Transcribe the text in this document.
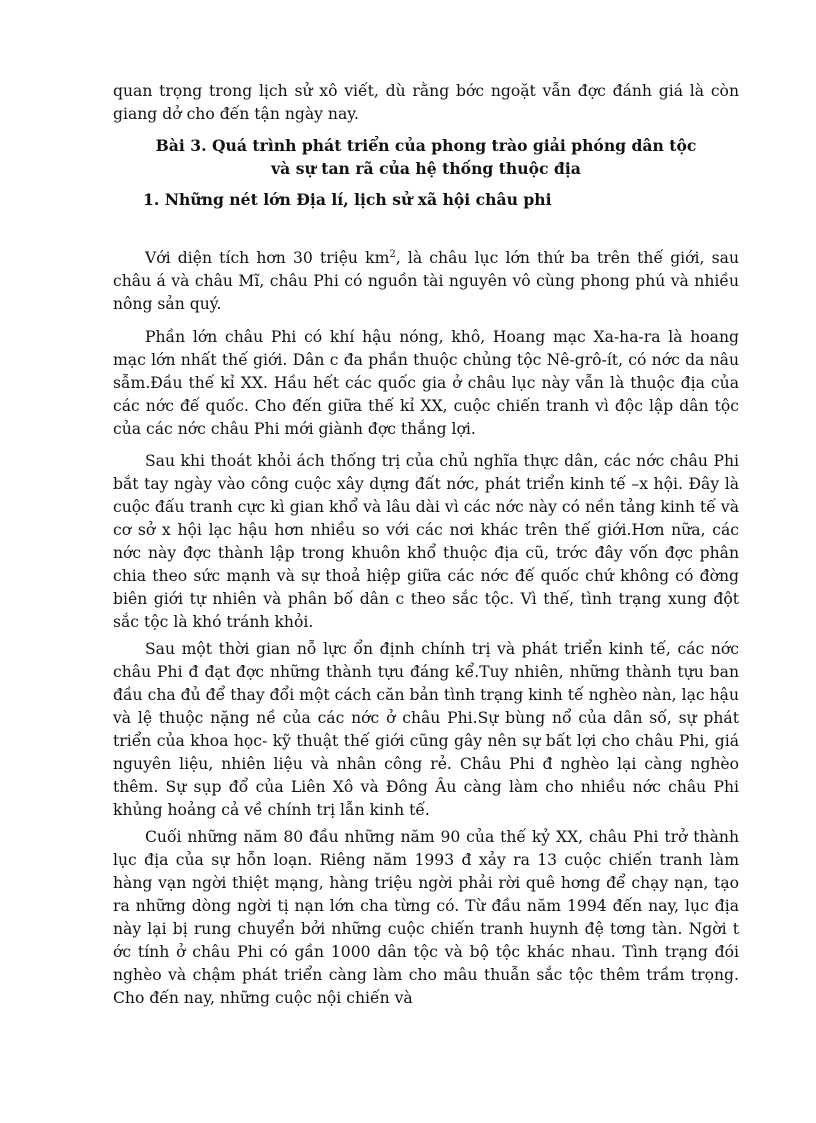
quan trọng trong lịch sử xô viết, dù rằng bớc ngoặt vẫn đợc đánh giá là còn giang dở cho đến tận ngày nay.

Bài 3. Quá trình phát triển của phong trào giải phóng dân tộc
và sự tan rã của hệ thống thuộc địa
1. Những nét lớn Địa lí, lịch sử xã hội châu phi

Với diện tích hơn 30 triệu $km^2$, là châu lục lớn thứ ba trên thế giới, sau châu á và châu Mĩ, châu Phi có nguồn tài nguyên vô cùng phong phú và nhiều nông sản quý.

Phần lớn châu Phi có khí hậu nóng, khô, Hoang mạc Xa-ha-ra là hoang mạc lớn nhất thế giới. Dân c đa phần thuộc chủng tộc Nê-grô-ít, có nớc da nâu sẫm.Đầu thế kỉ XX. Hầu hết các quốc gia ở châu lục này vẫn là thuộc địa của các nớc đế quốc. Cho đến giữa thế kỉ XX, cuộc chiến tranh vì độc lập dân tộc của các nớc châu Phi mới giành đợc thắng lợi.

Sau khi thoát khỏi ách thống trị của chủ nghĩa thực dân, các nớc châu Phi bắt tay ngày vào công cuộc xây dựng đất nớc, phát triển kinh tế –x hội. Đây là cuộc đấu tranh cực kì gian khổ và lâu dài vì các nớc này có nền tảng kinh tế và cơ sở x hội lạc hậu hơn nhiều so với các nơi khác trên thế giới.Hơn nữa, các nớc này đợc thành lập trong khuôn khổ thuộc địa cũ, trớc đây vốn đợc phân chia theo sức mạnh và sự thoả hiệp giữa các nớc đế quốc chứ không có đờng biên giới tự nhiên và phân bố dân c theo sắc tộc. Vì thế, tình trạng xung đột sắc tộc là khó tránh khỏi.

Sau một thời gian nỗ lực ổn định chính trị và phát triển kinh tế, các nớc châu Phi đ đạt đợc những thành tựu đáng kể.Tuy nhiên, những thành tựu ban đầu cha đủ để thay đổi một cách căn bản tình trạng kinh tế nghèo nàn, lạc hậu và lệ thuộc nặng nề của các nớc ở châu Phi.Sự bùng nổ của dân số, sự phát triển của khoa học- kỹ thuật thế giới cũng gây nên sự bất lợi cho châu Phi, giá nguyên liệu, nhiên liệu và nhân công rẻ. Châu Phi đ nghèo lại càng nghèo thêm. Sự sụp đổ của Liên Xô và Đông Âu càng làm cho nhiều nớc châu Phi khủng hoảng cả về chính trị lẫn kinh tế.

Cuối những năm 80 đầu những năm 90 của thế kỷ XX, châu Phi trở thành lục địa của sự hỗn loạn. Riêng năm 1993 đ xảy ra 13 cuộc chiến tranh làm hàng vạn ngời thiệt mạng, hàng triệu ngời phải rời quê hơng để chạy nạn, tạo ra những dòng ngời tị nạn lớn cha từng có. Từ đầu năm 1994 đến nay, lục địa này lại bị rung chuyển bởi những cuộc chiến tranh huynh đệ tơng tàn. Ngời t ớc tính ở châu Phi có gần 1000 dân tộc và bộ tộc khác nhau. Tình trạng đói nghèo và chậm phát triển càng làm cho mâu thuẫn sắc tộc thêm trầm trọng. Cho đến nay, những cuộc nội chiến và
